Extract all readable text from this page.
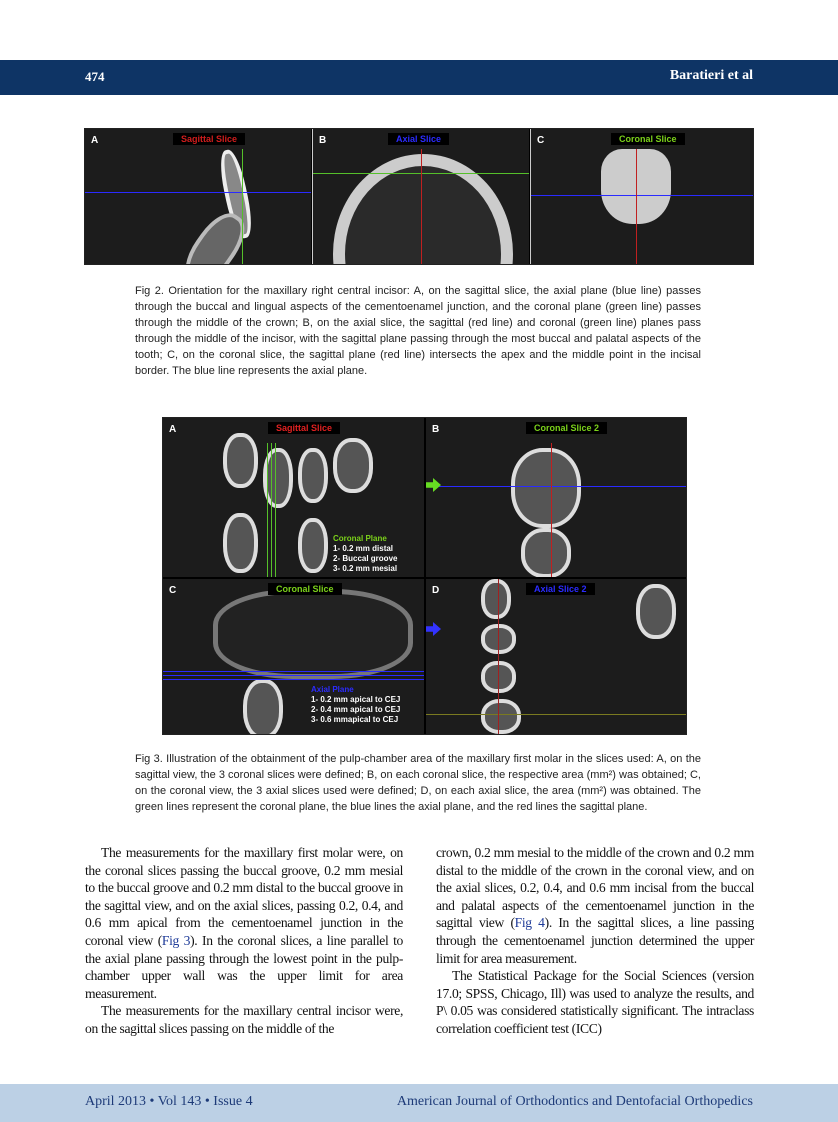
474	Baratieri et al
A	Sagittal Slice	B	Axial Slice	C	Coronal Slice
Fig 2. Orientation for the maxillary right central incisor: A, on the sagittal slice, the axial plane (blue line) passes through the buccal and lingual aspects of the cementoenamel junction, and the coronal plane (green line) passes through the middle of the crown; B, on the axial slice, the sagittal (red line) and coronal (green line) planes pass through the middle of the incisor, with the sagittal plane passing through the most buccal and palatal aspects of the tooth; C, on the coronal slice, the sagittal plane (red line) intersects the apex and the middle point in the incisal border. The blue line represents the axial plane.
A	Sagittal Slice
Coronal Plane
1- 0.2 mm distal
2- Buccal groove
3- 0.2 mm mesial
B	Coronal Slice 2
C	Coronal Slice
Axial Plane
1- 0.2 mm apical to CEJ
2- 0.4 mm apical to CEJ
3- 0.6 mmapical to CEJ
D	Axial Slice 2
Fig 3. Illustration of the obtainment of the pulp-chamber area of the maxillary first molar in the slices used: A, on the sagittal view, the 3 coronal slices were defined; B, on each coronal slice, the respective area (mm²) was obtained; C, on the coronal view, the 3 axial slices used were defined; D, on each axial slice, the area (mm²) was obtained. The green lines represent the coronal plane, the blue lines the axial plane, and the red lines the sagittal plane.

The measurements for the maxillary first molar were, on the coronal slices passing the buccal groove, 0.2 mm mesial to the buccal groove and 0.2 mm distal to the buccal groove in the sagittal view, and on the axial slices, passing 0.2, 0.4, and 0.6 mm apical from the cementoenamel junction in the coronal view (Fig 3). In the coronal slices, a line parallel to the axial plane passing through the lowest point in the pulp-chamber upper wall was the upper limit for area measurement.

The measurements for the maxillary central incisor were, on the sagittal slices passing on the middle of the

crown, 0.2 mm mesial to the middle of the crown and 0.2 mm distal to the middle of the crown in the coronal view, and on the axial slices, 0.2, 0.4, and 0.6 mm incisal from the buccal and palatal aspects of the cementoenamel junction in the sagittal view (Fig 4). In the sagittal slices, a line passing through the cementoenamel junction determined the upper limit for area measurement.

The Statistical Package for the Social Sciences (version 17.0; SPSS, Chicago, Ill) was used to analyze the results, and P\ 0.05 was considered statistically significant. The intraclass correlation coefficient test (ICC)

April 2013 • Vol 143 • Issue 4	American Journal of Orthodontics and Dentofacial Orthopedics
